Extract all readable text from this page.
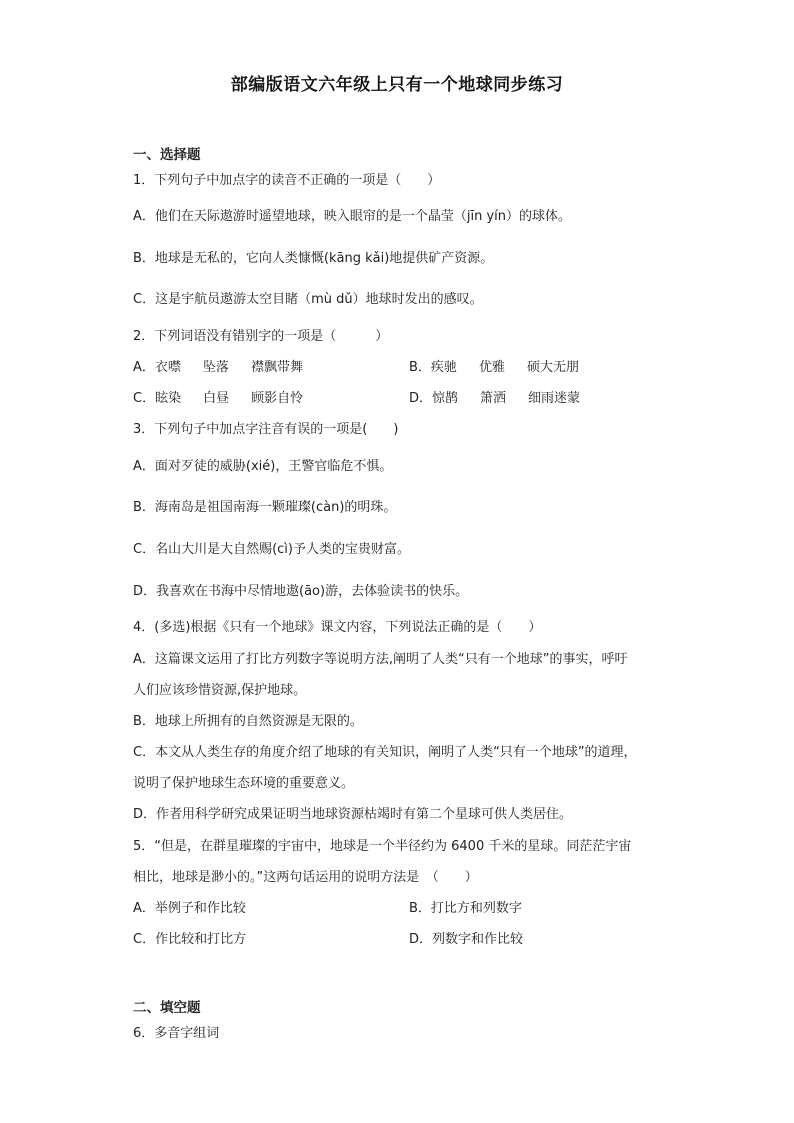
部编版语文六年级上只有一个地球同步练习
一、选择题
1．下列句子中加点字的读音不正确的一项是（　　）
A．他们在天际遨游时遥望地球，映入眼帘的是一个晶莹（jīn yín）的球体。
B．地球是无私的，它向人类慷慨(kāng kǎi)地提供矿产资源。
C．这是宇航员遨游太空目睹（mù dǔ）地球时发出的感叹。
2．下列词语没有错别字的一项是（　　　）
A．衣噤 坠落 襟飘带舞	B．疾驰 优雅 硕大无朋
C．眩染 白昼 顾影自怜	D．惊鹊 箫洒 细雨迷蒙
3．下列句子中加点字注音有误的一项是(　　)
A．面对歹徒的威胁(xié)，王警官临危不惧。
B．海南岛是祖国南海一颗璀璨(càn)的明珠。
C．名山大川是大自然赐(cì)予人类的宝贵财富。
D．我喜欢在书海中尽情地遨(āo)游，去体验读书的快乐。
4．(多选)根据《只有一个地球》课文内容，下列说法正确的是（　　）
A．这篇课文运用了打比方列数字等说明方法,阐明了人类“只有一个地球”的事实，呼吁
人们应该珍惜资源,保护地球。
B．地球上所拥有的自然资源是无限的。
C．本文从人类生存的角度介绍了地球的有关知识，阐明了人类“只有一个地球”的道理，
说明了保护地球生态环境的重要意义。
D．作者用科学研究成果证明当地球资源枯竭时有第二个星球可供人类居住。
5．“但是，在群星璀璨的宇宙中，地球是一个半径约为 6400 千米的星球。同茫茫宇宙
相比，地球是渺小的。”这两句话运用的说明方法是　（　　）
A．举例子和作比较	B．打比方和列数字
C．作比较和打比方	D．列数字和作比较
二、填空题
6．多音字组词
